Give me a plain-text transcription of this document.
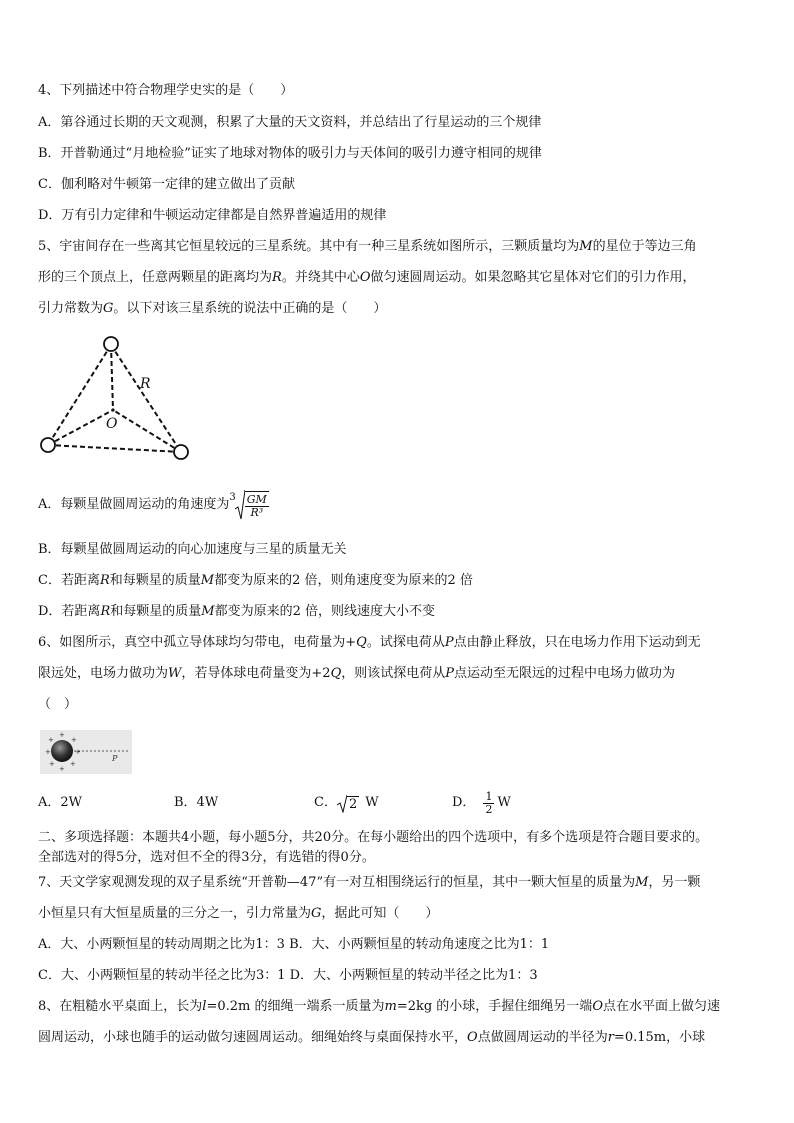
4、下列描述中符合物理学史实的是（　　）
A．第谷通过长期的天文观测，积累了大量的天文资料，并总结出了行星运动的三个规律
B．开普勒通过“月地检验”证实了地球对物体的吸引力与天体间的吸引力遵守相同的规律
C．伽利略对牛顿第一定律的建立做出了贡献
D．万有引力定律和牛顿运动定律都是自然界普遍适用的规律
5、宇宙间存在一些离其它恒星较远的三星系统。其中有一种三星系统如图所示，三颗质量均为M的星位于等边三角
形的三个顶点上，任意两颗星的距离均为R。并绕其中心O做匀速圆周运动。如果忽略其它星体对它们的引力作用，
引力常数为G。以下对该三星系统的说法中正确的是（　　）
R
O
A．每颗星做圆周运动的角速度为 $3 \frac{GM}{\text{R³}}$
B．每颗星做圆周运动的向心加速度与三星的质量无关
C．若距离R和每颗星的质量M都变为原来的2 倍，则角速度变为原来的2 倍
D．若距离R和每颗星的质量M都变为原来的2 倍，则线速度大小不变
6、如图所示，真空中孤立导体球均匀带电，电荷量为+Q。试探电荷从P点由静止释放，只在电场力作用下运动到无
限远处，电场力做功为W，若导体球电荷量变为+2Q，则该试探电荷从P点运动至无限远的过程中电场力做功为
（　）
+
+ +
+	+
+ +
+
P
A．2W	B．4W	C． 2 W	D． $\frac{1}{2}$ W
二、多项选择题：本题共4小题，每小题5分，共20分。在每小题给出的四个选项中，有多个选项是符合题目要求的。
全部选对的得5分，选对但不全的得3分，有选错的得0分。
7、天文学家观测发现的双子星系统“开普勒—47”有一对互相围绕运行的恒星，其中一颗大恒星的质量为M，另一颗
小恒星只有大恒星质量的三分之一，引力常量为G，据此可知（　　）
A．大、小两颗恒星的转动周期之比为1：3 B．大、小两颗恒星的转动角速度之比为1：1
C．大、小两颗恒星的转动半径之比为3：1 D．大、小两颗恒星的转动半径之比为1：3
8、在粗糙水平桌面上，长为l=0.2m 的细绳一端系一质量为m=2kg 的小球，手握住细绳另一端O点在水平面上做匀速
圆周运动，小球也随手的运动做匀速圆周运动。细绳始终与桌面保持水平，O点做圆周运动的半径为r=0.15m，小球
